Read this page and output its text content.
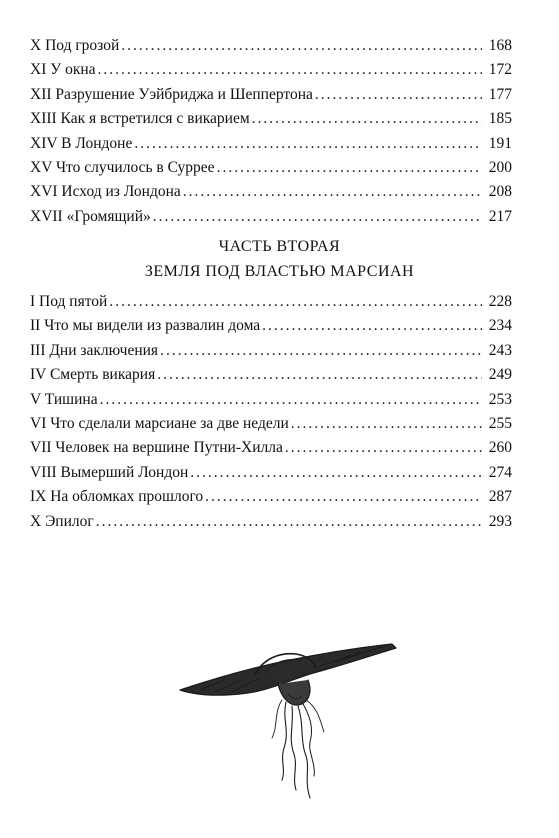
X Под грозой .....	168
XI У окна .....	172
XII Разрушение Уэйбриджа и Шеппертона .....	177
XIII Как я встретился с викарием .....	185
XIV В Лондоне .....	191
XV Что случилось в Суррее .....	200
XVI Исход из Лондона .....	208
XVII «Громящий» .....	217
ЧАСТЬ ВТОРАЯ
ЗЕМЛЯ ПОД ВЛАСТЬЮ МАРСИАН
I Под пятой .....	228
II Что мы видели из развалин дома .....	234
III Дни заключения .....	243
IV Смерть викария .....	249
V Тишина .....	253
VI Что сделали марсиане за две недели .....	255
VII Человек на вершине Путни-Хилла .....	260
VIII Вымерший Лондон .....	274
IX На обломках прошлого .....	287
X Эпилог .....	293
